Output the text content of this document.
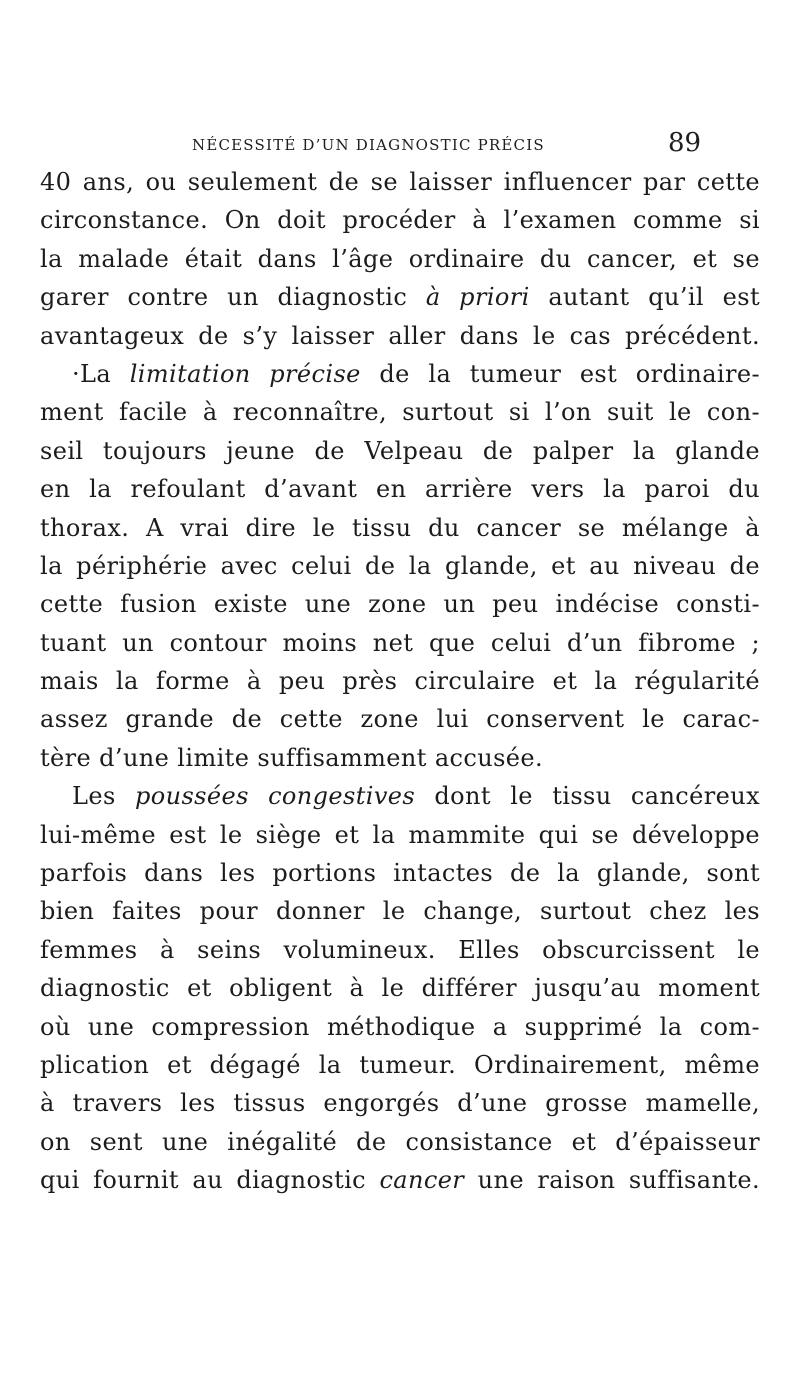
NÉCESSITÉ D’UN DIAGNOSTIC PRÉCIS	89
40 ans, ou seulement de se laisser influencer par cette
circonstance. On doit procéder à l’examen comme si
la malade était dans l’âge ordinaire du cancer, et se
garer contre un diagnostic à priori autant qu’il est
avantageux de s’y laisser aller dans le cas précédent.
·La limitation précise de la tumeur est ordinaire-
ment facile à reconnaître, surtout si l’on suit le con-
seil toujours jeune de Velpeau de palper la glande
en la refoulant d’avant en arrière vers la paroi du
thorax. A vrai dire le tissu du cancer se mélange à
la périphérie avec celui de la glande, et au niveau de
cette fusion existe une zone un peu indécise consti-
tuant un contour moins net que celui d’un fibrome ;
mais la forme à peu près circulaire et la régularité
assez grande de cette zone lui conservent le carac-
tère d’une limite suffisamment accusée.
Les poussées congestives dont le tissu cancéreux
lui-même est le siège et la mammite qui se développe
parfois dans les portions intactes de la glande, sont
bien faites pour donner le change, surtout chez les
femmes à seins volumineux. Elles obscurcissent le
diagnostic et obligent à le différer jusqu’au moment
où une compression méthodique a supprimé la com-
plication et dégagé la tumeur. Ordinairement, même
à travers les tissus engorgés d’une grosse mamelle,
on sent une inégalité de consistance et d’épaisseur
qui fournit au diagnostic cancer une raison suffisante.
